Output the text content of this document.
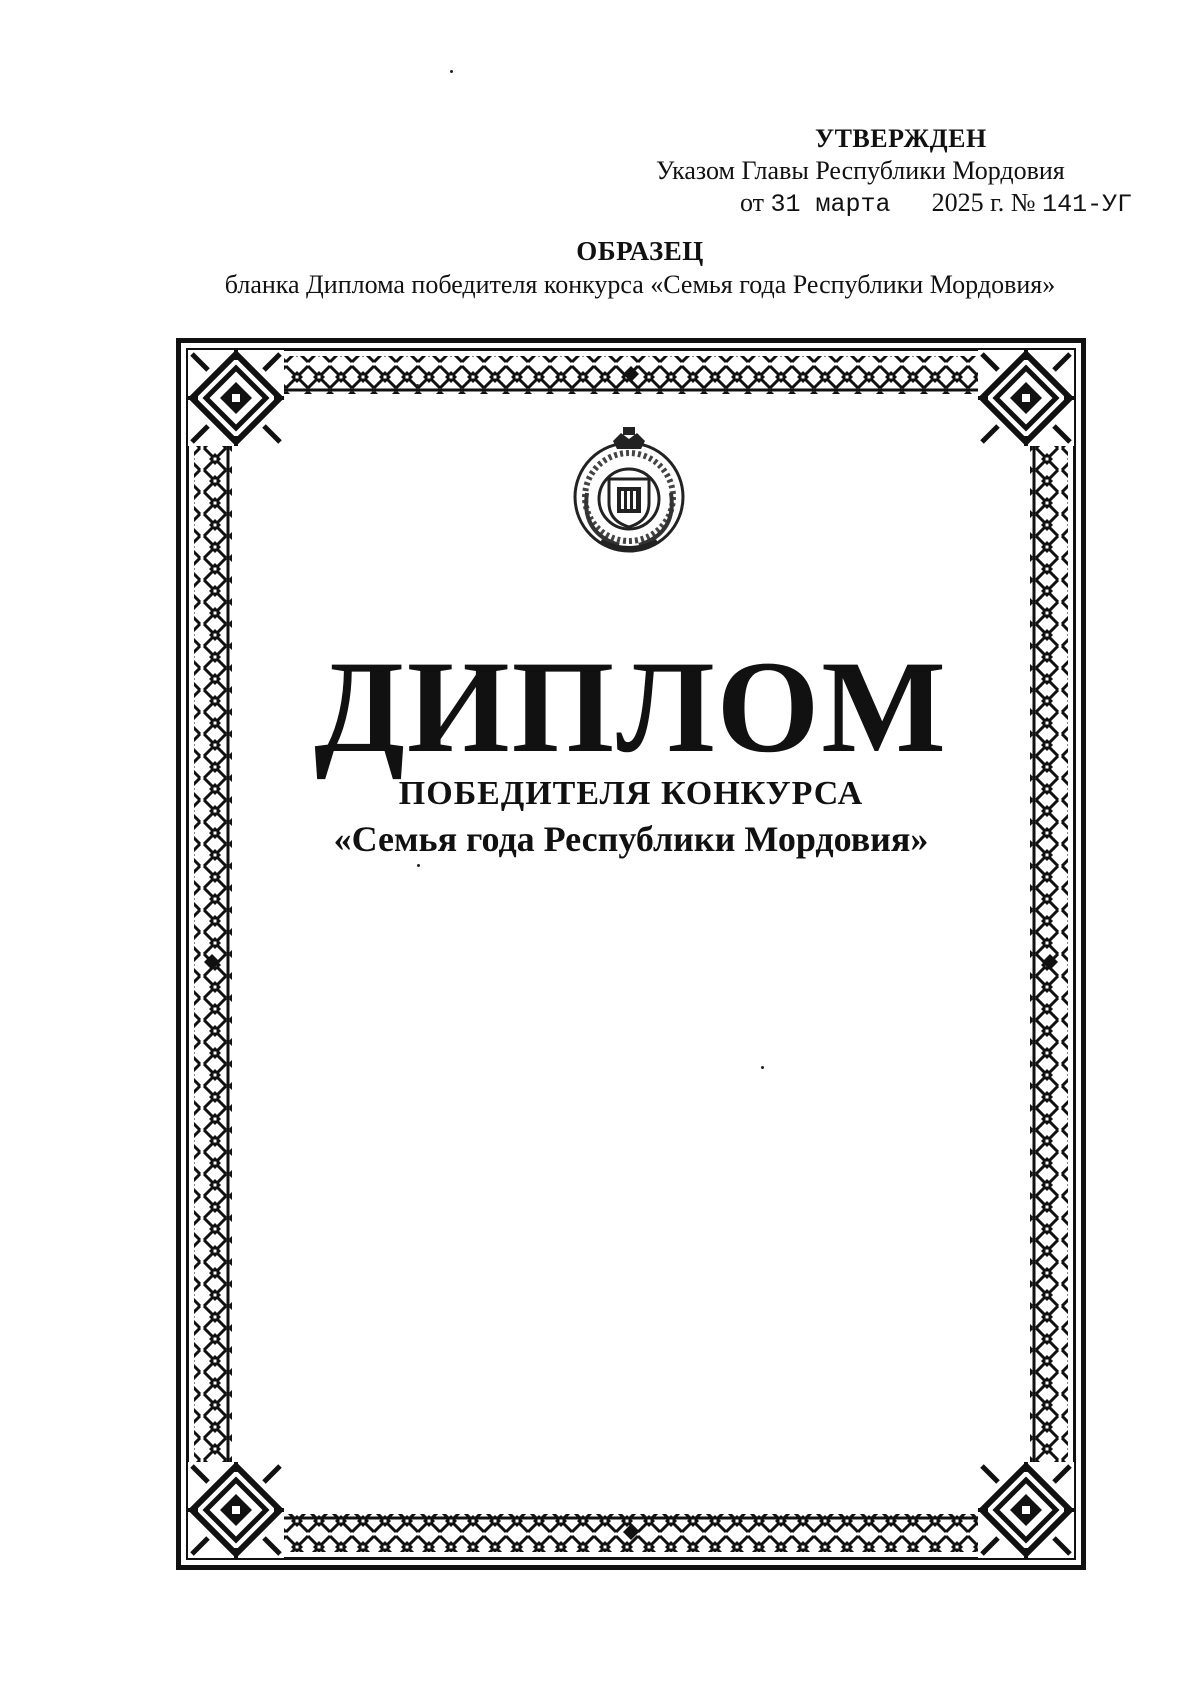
УТВЕРЖДЕН
Указом Главы Республики Мордовия
от 31 марта 2025 г. № 141-УГ
ОБРАЗЕЦ
бланка Диплома победителя конкурса «Семья года Республики Мордовия»
ДИПЛОМ
ПОБЕДИТЕЛЯ КОНКУРСА
«Семья года Республики Мордовия»
